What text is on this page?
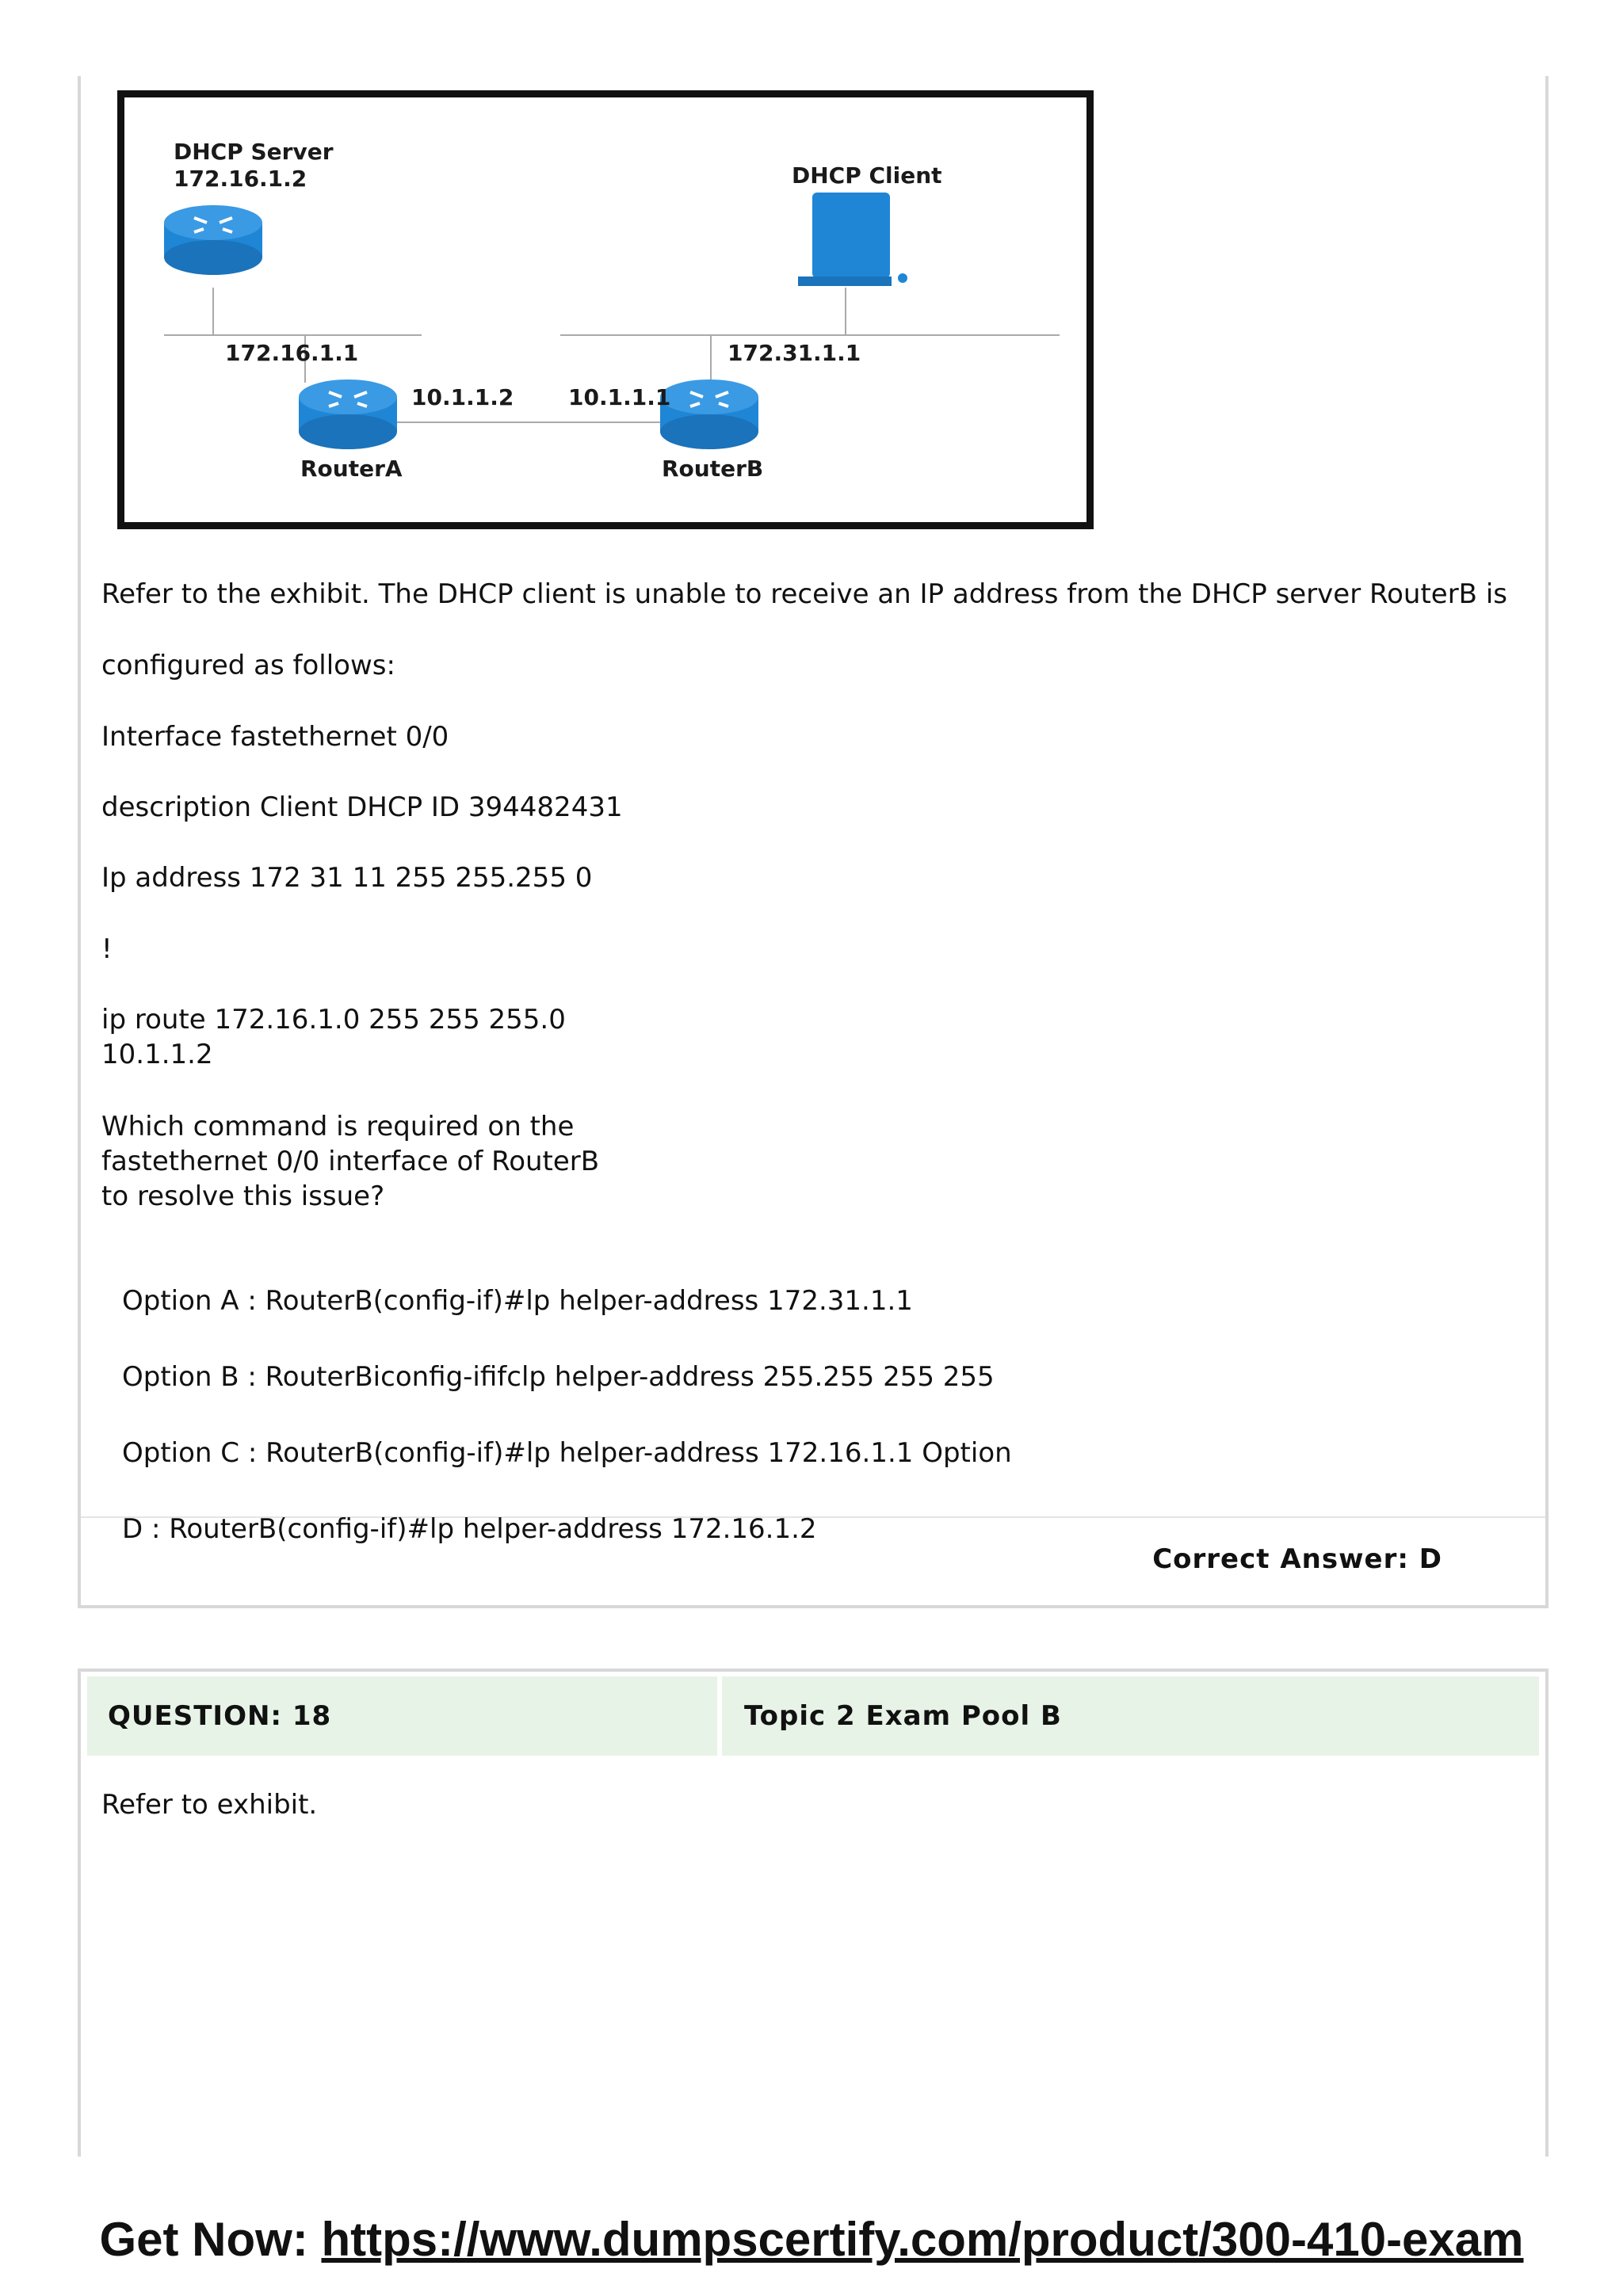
DHCP Server
172.16.1.2	DHCP Client
172.16.1.1
10.1.1.2 10.1.1.1
172.31.1.1
RouterA	RouterB
Refer to the exhibit. The DHCP client is unable to receive an IP address from the DHCP server RouterB is
configured as follows:
Interface fastethernet 0/0
description Client DHCP ID 394482431
Ip address 172 31 11 255 255.255 0
!
ip route 172.16.1.0 255 255 255.0
10.1.1.2
Which command is required on the
fastethernet 0/0 interface of RouterB
to resolve this issue?
Option A : RouterB(config-if)#lp helper-address 172.31.1.1
Option B : RouterBiconfig-ififclp helper-address 255.255 255 255
Option C : RouterB(config-if)#lp helper-address 172.16.1.1 Option
D : RouterB(config-if)#lp helper-address 172.16.1.2
Correct Answer: D
QUESTION: 18	Topic 2 Exam Pool B
Refer to exhibit.
Get Now: https://www.dumpscertify.com/product/300-410-exam
